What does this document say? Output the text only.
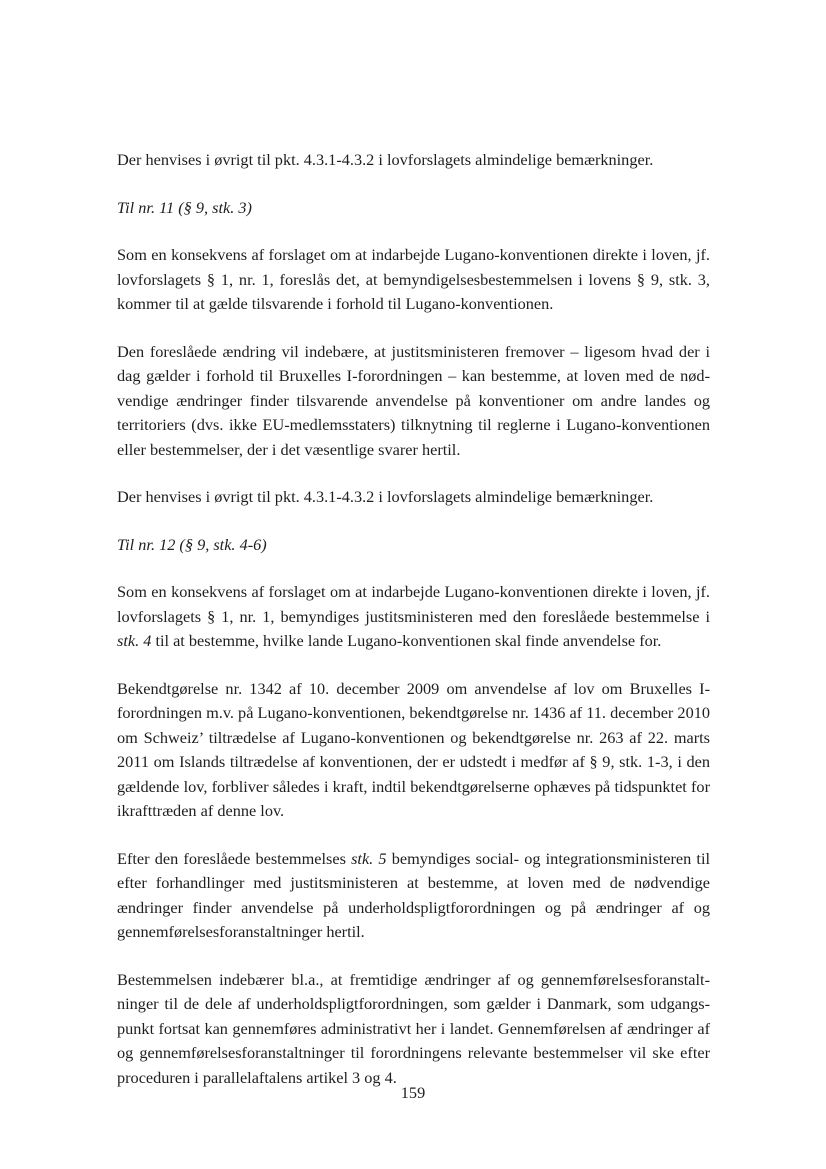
Der henvises i øvrigt til pkt. 4.3.1-4.3.2 i lovforslagets almindelige bemærkninger.

Til nr. 11 (§ 9, stk. 3)

Som en konsekvens af forslaget om at indarbejde Lugano-konventionen direkte i loven, jf. lovforslagets § 1, nr. 1, foreslås det, at bemyndigelsesbestemmelsen i lovens § 9, stk. 3, kommer til at gælde tilsvarende i forhold til Lugano-konventionen.

Den foreslåede ændring vil indebære, at justitsministeren fremover – ligesom hvad der i dag gælder i forhold til Bruxelles I-forordningen – kan bestemme, at loven med de nødvendige ændringer finder tilsvarende anvendelse på konventioner om andre landes og territoriers (dvs. ikke EU-medlemsstaters) tilknytning til reglerne i Lugano-konventionen eller bestemmelser, der i det væsentlige svarer hertil.

Der henvises i øvrigt til pkt. 4.3.1-4.3.2 i lovforslagets almindelige bemærkninger.

Til nr. 12 (§ 9, stk. 4-6)

Som en konsekvens af forslaget om at indarbejde Lugano-konventionen direkte i loven, jf. lovforslagets § 1, nr. 1, bemyndiges justitsministeren med den foreslåede bestemmelse i stk. 4 til at bestemme, hvilke lande Lugano-konventionen skal finde anvendelse for.

Bekendtgørelse nr. 1342 af 10. december 2009 om anvendelse af lov om Bruxelles I-forordningen m.v. på Lugano-konventionen, bekendtgørelse nr. 1436 af 11. december 2010 om Schweiz’ tiltrædelse af Lugano-konventionen og bekendtgørelse nr. 263 af 22. marts 2011 om Islands tiltrædelse af konventionen, der er udstedt i medfør af § 9, stk. 1-3, i den gældende lov, forbliver således i kraft, indtil bekendtgørelserne ophæves på tidspunktet for ikrafttræden af denne lov.

Efter den foreslåede bestemmelses stk. 5 bemyndiges social- og integrationsministeren til efter forhandlinger med justitsministeren at bestemme, at loven med de nødvendige ændringer finder anvendelse på underholdspligtforordningen og på ændringer af og gennemførelsesforanstaltninger hertil.

Bestemmelsen indebærer bl.a., at fremtidige ændringer af og gennemførelsesforanstaltninger til de dele af underholdspligtforordningen, som gælder i Danmark, som udgangspunkt fortsat kan gennemføres administrativt her i landet. Gennemførelsen af ændringer af og gennemførelsesforanstaltninger til forordningens relevante bestemmelser vil ske efter proceduren i parallelaftalens artikel 3 og 4.

159
